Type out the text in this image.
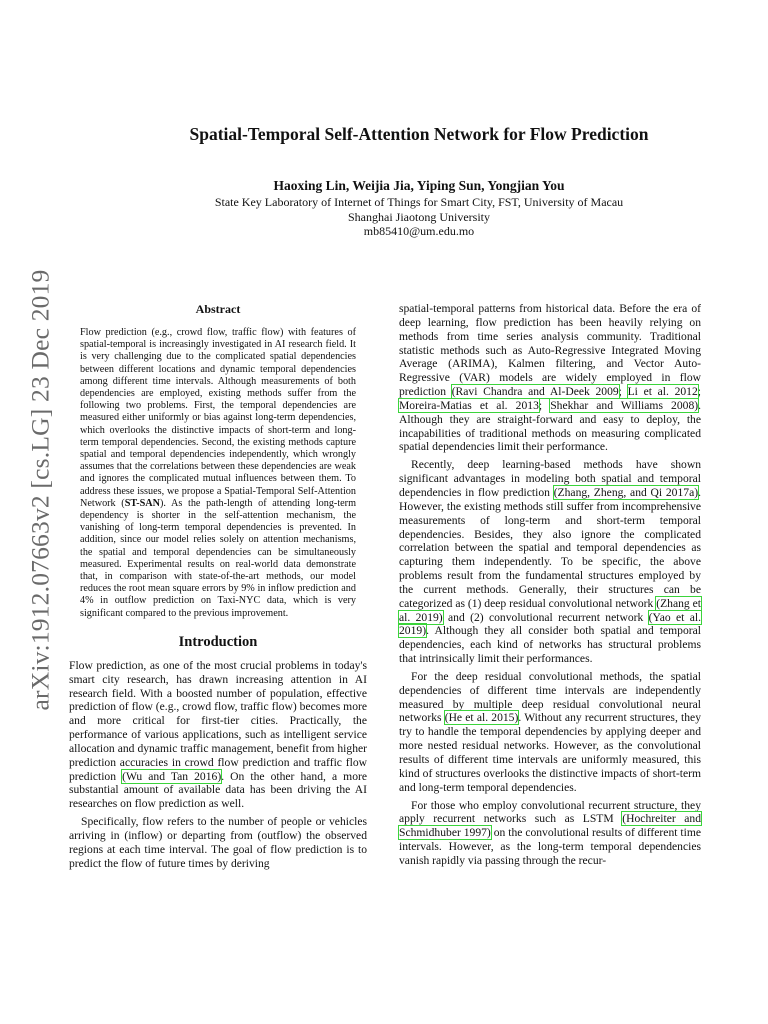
arXiv:1912.07663v2 [cs.LG] 23 Dec 2019
Spatial-Temporal Self-Attention Network for Flow Prediction
Haoxing Lin, Weijia Jia, Yiping Sun, Yongjian You
State Key Laboratory of Internet of Things for Smart City, FST, University of Macau
Shanghai Jiaotong University
mb85410@um.edu.mo
Abstract

Flow prediction (e.g., crowd flow, traffic flow) with features of spatial-temporal is increasingly investigated in AI research field. It is very challenging due to the complicated spatial dependencies between different locations and dynamic temporal dependencies among different time intervals. Although measurements of both dependencies are employed, existing methods suffer from the following two problems. First, the temporal dependencies are measured either uniformly or bias against long-term dependencies, which overlooks the distinctive impacts of short-term and long-term temporal dependencies. Second, the existing methods capture spatial and temporal dependencies independently, which wrongly assumes that the correlations between these dependencies are weak and ignores the complicated mutual influences between them. To address these issues, we propose a Spatial-Temporal Self-Attention Network (ST-SAN). As the path-length of attending long-term dependency is shorter in the self-attention mechanism, the vanishing of long-term temporal dependencies is prevented. In addition, since our model relies solely on attention mechanisms, the spatial and temporal dependencies can be simultaneously measured. Experimental results on real-world data demonstrate that, in comparison with state-of-the-art methods, our model reduces the root mean square errors by 9% in inflow prediction and 4% in outflow prediction on Taxi-NYC data, which is very significant compared to the previous improvement.

Introduction

Flow prediction, as one of the most crucial problems in today's smart city research, has drawn increasing attention in AI research field. With a boosted number of population, effective prediction of flow (e.g., crowd flow, traffic flow) becomes more and more critical for first-tier cities. Practically, the performance of various applications, such as intelligent service allocation and dynamic traffic management, benefit from higher prediction accuracies in crowd flow prediction and traffic flow prediction (Wu and Tan 2016). On the other hand, a more substantial amount of available data has been driving the AI researches on flow prediction as well.

Specifically, flow refers to the number of people or vehicles arriving in (inflow) or departing from (outflow) the observed regions at each time interval. The goal of flow prediction is to predict the flow of future times by deriving

spatial-temporal patterns from historical data. Before the era of deep learning, flow prediction has been heavily relying on methods from time series analysis community. Traditional statistic methods such as Auto-Regressive Integrated Moving Average (ARIMA), Kalmen filtering, and Vector Auto-Regressive (VAR) models are widely employed in flow prediction (Ravi Chandra and Al-Deek 2009; Li et al. 2012; Moreira-Matias et al. 2013; Shekhar and Williams 2008). Although they are straight-forward and easy to deploy, the incapabilities of traditional methods on measuring complicated spatial dependencies limit their performance.

Recently, deep learning-based methods have shown significant advantages in modeling both spatial and temporal dependencies in flow prediction (Zhang, Zheng, and Qi 2017a). However, the existing methods still suffer from incomprehensive measurements of long-term and short-term temporal dependencies. Besides, they also ignore the complicated correlation between the spatial and temporal dependencies as capturing them independently. To be specific, the above problems result from the fundamental structures employed by the current methods. Generally, their structures can be categorized as (1) deep residual convolutional network (Zhang et al. 2019) and (2) convolutional recurrent network (Yao et al. 2019). Although they all consider both spatial and temporal dependencies, each kind of networks has structural problems that intrinsically limit their performances.

For the deep residual convolutional methods, the spatial dependencies of different time intervals are independently measured by multiple deep residual convolutional neural networks (He et al. 2015). Without any recurrent structures, they try to handle the temporal dependencies by applying deeper and more nested residual networks. However, as the convolutional results of different time intervals are uniformly measured, this kind of structures overlooks the distinctive impacts of short-term and long-term temporal dependencies.

For those who employ convolutional recurrent structure, they apply recurrent networks such as LSTM (Hochreiter and Schmidhuber 1997) on the convolutional results of different time intervals. However, as the long-term temporal dependencies vanish rapidly via passing through the recur-
